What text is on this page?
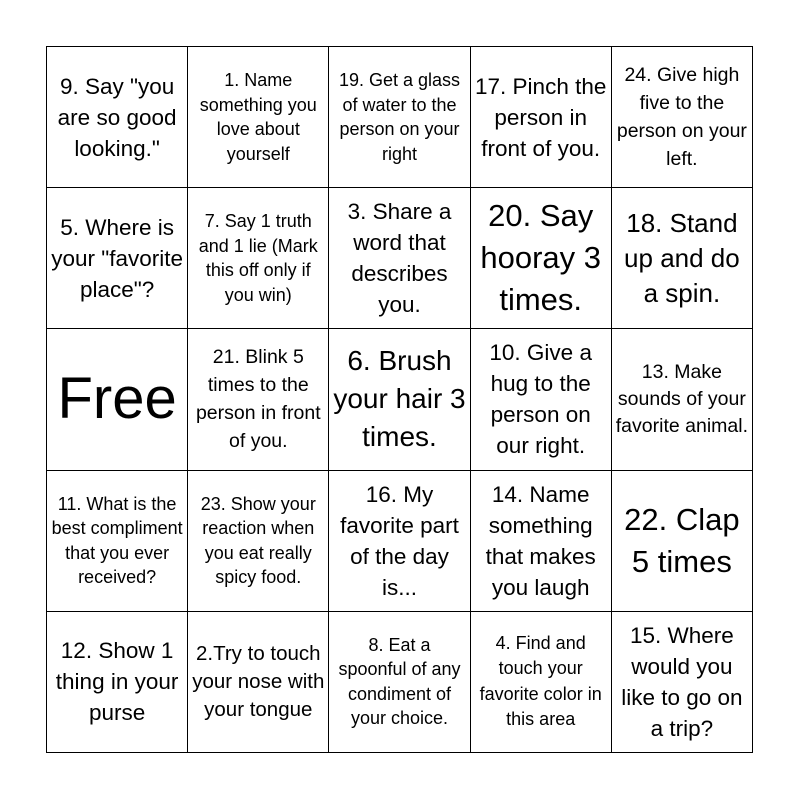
9. Say "you are so good looking."
1. Name something you love about yourself
19. Get a glass of water to the person on your right
17. Pinch the person in front of you.
24. Give high five to the person on your left.
5. Where is your "favorite place"?
7. Say 1 truth and 1 lie (Mark this off only if you win)
3. Share a word that describes you.
20. Say hooray 3 times.
18. Stand up and do a spin.
Free
21. Blink 5 times to the person in front of you.
6. Brush your hair 3 times.
10. Give a hug to the person on our right.
13. Make sounds of your favorite animal.
11. What is the best compliment that you ever received?
23. Show your reaction when you eat really spicy food.
16. My favorite part of the day is...
14. Name something that makes you laugh
22. Clap 5 times
12. Show 1 thing in your purse
2.Try to touch your nose with your tongue
8. Eat a spoonful of any condiment of your choice.
4. Find and touch your favorite color in this area
15. Where would you like to go on a trip?
